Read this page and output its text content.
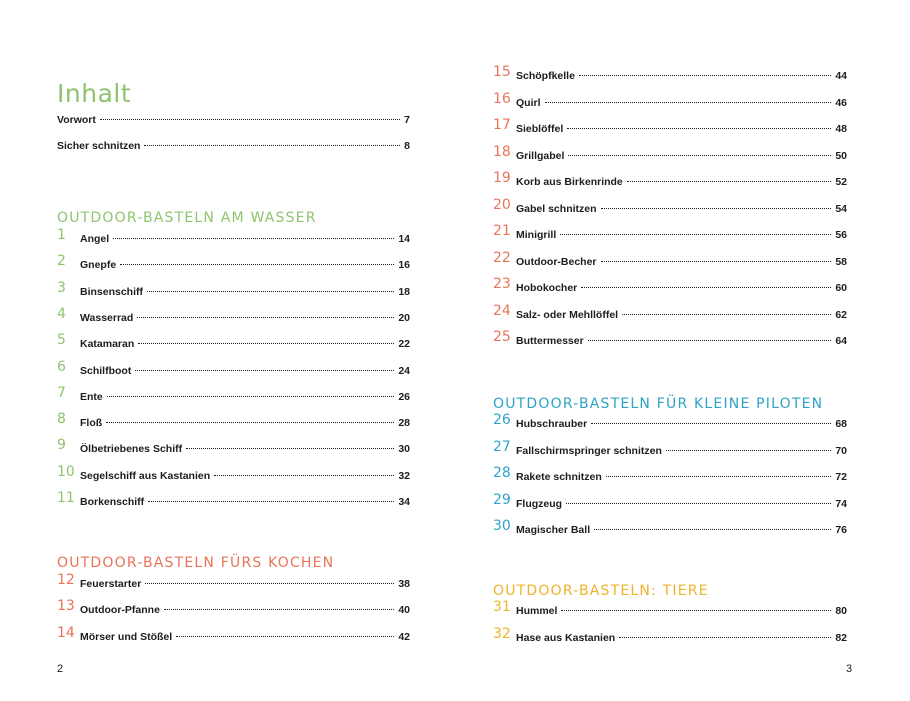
Inhalt
Vorwort	7
Sicher schnitzen	8
OUTDOOR-BASTELN AM WASSER
1	Angel	14
2	Gnepfe	16
3	Binsenschiff	18
4	Wasserrad	20
5	Katamaran	22
6	Schilfboot	24
7	Ente	26
8	Floß	28
9	Ölbetriebenes Schiff	30
10 Segelschiff aus Kastanien	32
11 Borkenschiff	34
OUTDOOR-BASTELN FÜRS KOCHEN
12 Feuerstarter	38
13 Outdoor-Pfanne	40
14 Mörser und Stößel	42
15 Schöpfkelle	44
16 Quirl	46
17 Sieblöffel	48
18 Grillgabel	50
19 Korb aus Birkenrinde	52
20 Gabel schnitzen	54
21 Minigrill	56
22 Outdoor-Becher	58
23 Hobokocher	60
24 Salz- oder Mehllöffel	62
25 Buttermesser	64
OUTDOOR-BASTELN FÜR KLEINE PILOTEN
26 Hubschrauber	68
27 Fallschirmspringer schnitzen	70
28 Rakete schnitzen	72
29 Flugzeug	74
30 Magischer Ball	76
OUTDOOR-BASTELN: TIERE
31 Hummel	80
32 Hase aus Kastanien	82
2	3
